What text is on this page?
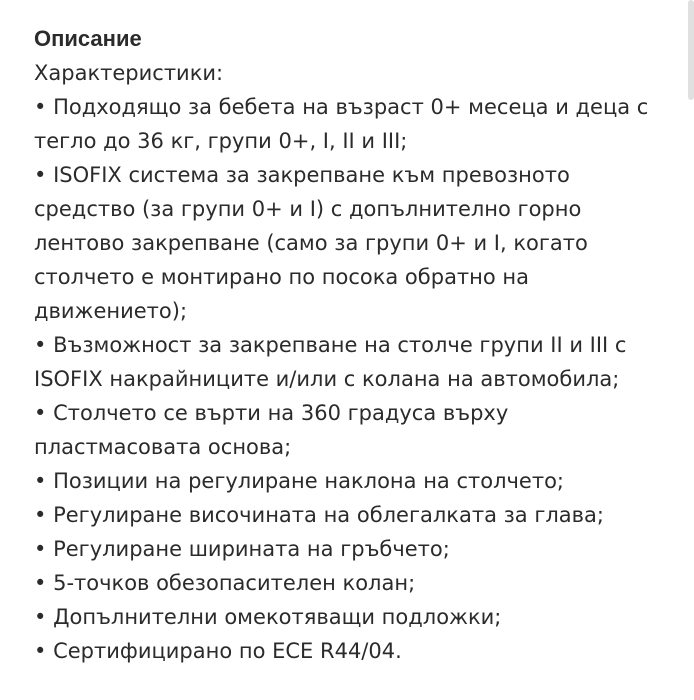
Описание

Характеристики:

• Подходящо за бебета на възраст 0+ месеца и деца с тегло до 36 кг, групи 0+, I, II и III;
• ISOFIX система за закрепване към превозното средство (за групи 0+ и I) с допълнително горно лентово закрепване (само за групи 0+ и I, когато столчето е монтирано по посока обратно на движението);
• Възможност за закрепване на столче групи II и III с ISOFIX накрайниците и/или с колана на автомобила;
• Столчето се върти на 360 градуса върху пластмасовата основа;
• Позиции на регулиране наклона на столчето;
• Регулиране височината на облегалката за глава;
• Регулиране ширината на гръбчето;
• 5-точков обезопасителен колан;
• Допълнителни омекотяващи подложки;
• Сертифицирано по ECE R44/04.
